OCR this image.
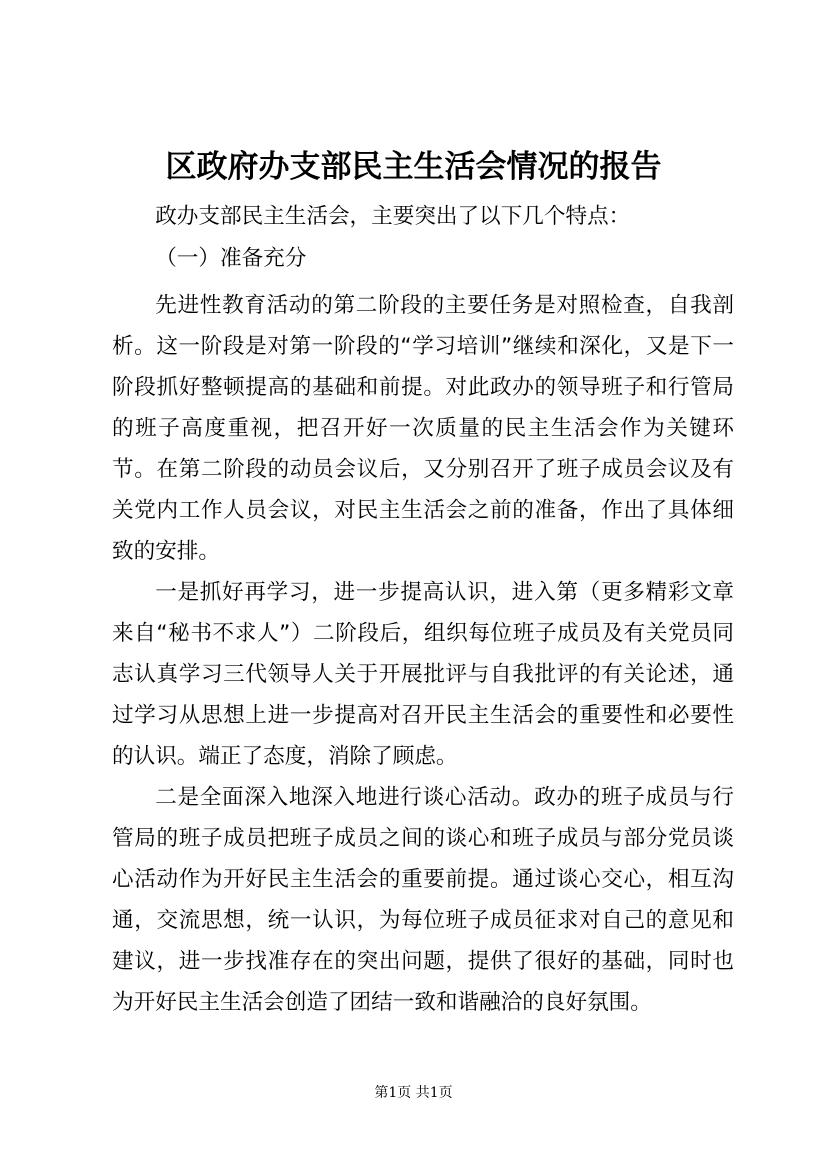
区政府办支部民主生活会情况的报告

政办支部民主生活会，主要突出了以下几个特点：

（一）准备充分

先进性教育活动的第二阶段的主要任务是对照检查，自我剖析。这一阶段是对第一阶段的“学习培训”继续和深化，又是下一阶段抓好整顿提高的基础和前提。对此政办的领导班子和行管局的班子高度重视，把召开好一次质量的民主生活会作为关键环节。在第二阶段的动员会议后，又分别召开了班子成员会议及有关党内工作人员会议，对民主生活会之前的准备，作出了具体细致的安排。

一是抓好再学习，进一步提高认识，进入第（更多精彩文章来自“秘书不求人”）二阶段后，组织每位班子成员及有关党员同志认真学习三代领导人关于开展批评与自我批评的有关论述，通过学习从思想上进一步提高对召开民主生活会的重要性和必要性的认识。端正了态度，消除了顾虑。

二是全面深入地深入地进行谈心活动。政办的班子成员与行管局的班子成员把班子成员之间的谈心和班子成员与部分党员谈心活动作为开好民主生活会的重要前提。通过谈心交心，相互沟通，交流思想，统一认识，为每位班子成员征求对自己的意见和建议，进一步找准存在的突出问题，提供了很好的基础，同时也为开好民主生活会创造了团结一致和谐融洽的良好氛围。

第1页 共1页
